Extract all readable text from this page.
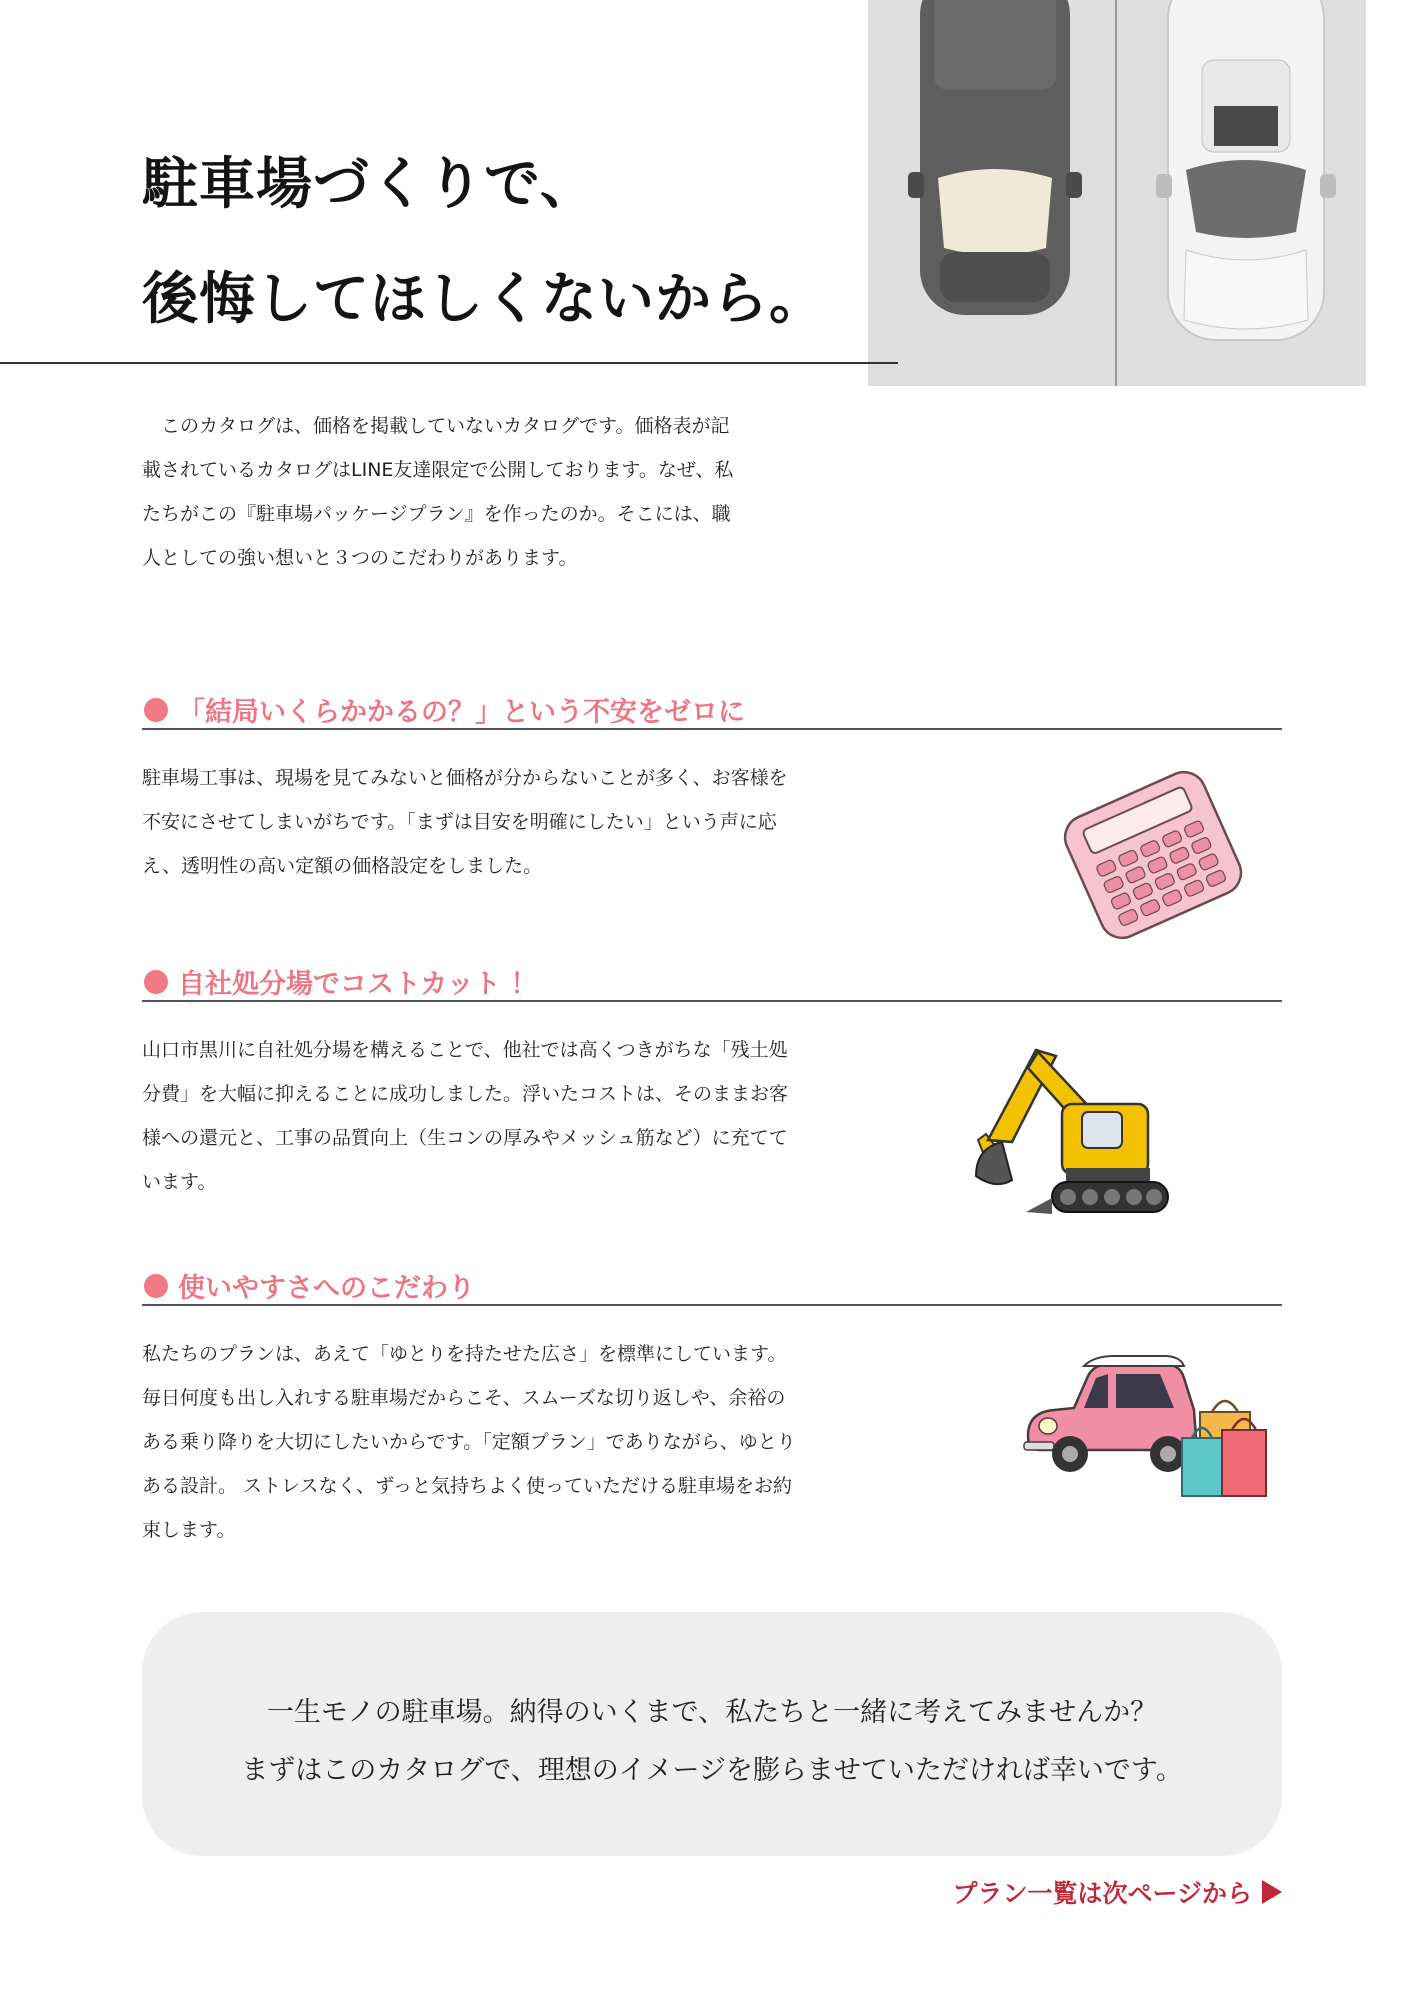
駐車場づくりで、
後悔してほしくないから。
　このカタログは、価格を掲載していないカタログです。価格表が記
載されているカタログはLINE友達限定で公開しております。なぜ、私
たちがこの『駐車場パッケージプラン』を作ったのか。そこには、職
人としての強い想いと３つのこだわりがあります。
「結局いくらかかるの？」という不安をゼロに
駐車場工事は、現場を見てみないと価格が分からないことが多く、お客様を
不安にさせてしまいがちです。「まずは目安を明確にしたい」という声に応
え、透明性の高い定額の価格設定をしました。
自社処分場でコストカット ！
山口市黒川に自社処分場を構えることで、他社では高くつきがちな「残土処
分費」を大幅に抑えることに成功しました。浮いたコストは、そのままお客
様への還元と、工事の品質向上（生コンの厚みやメッシュ筋など）に充てて
います。
使いやすさへのこだわり
私たちのプランは、あえて「ゆとりを持たせた広さ」を標準にしています。
毎日何度も出し入れする駐車場だからこそ、スムーズな切り返しや、余裕の
ある乗り降りを大切にしたいからです。「定額プラン」でありながら、ゆとり
ある設計。 ストレスなく、ずっと気持ちよく使っていただける駐車場をお約
束します。
一生モノの駐車場。納得のいくまで、私たちと一緒に考えてみませんか？
まずはこのカタログで、理想のイメージを膨らませていただければ幸いです。
プラン一覧は次ページから
